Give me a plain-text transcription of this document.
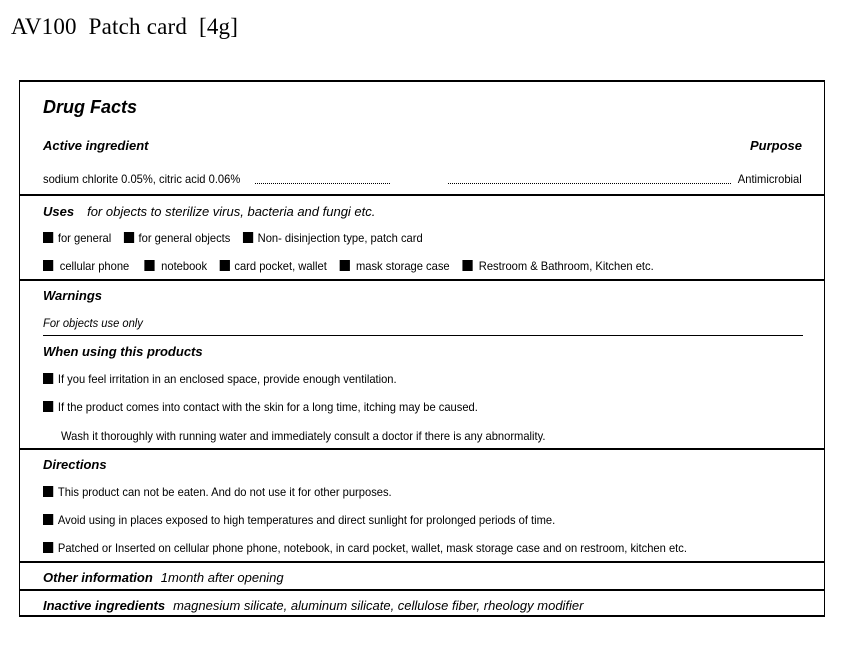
AV100  Patch card  [4g]
Drug Facts
Active ingredient	Purpose
sodium chlorite 0.05%, citric acid 0.06%	Antimicrobial
Uses for objects to sterilize virus, bacteria and fungi etc.
for general for general objects Non- disinjection type, patch card
cellular phone	notebook card pocket, wallet mask storage case Restroom & Bathroom, Kitchen etc.
Warnings
For objects use only
When using this products
If you feel irritation in an enclosed space, provide enough ventilation.
If the product comes into contact with the skin for a long time, itching may be caused.
Wash it thoroughly with running water and immediately consult a doctor if there is any abnormality.
Directions
This product can not be eaten. And do not use it for other purposes.
Avoid using in places exposed to high temperatures and direct sunlight for prolonged periods of time.
Patched or Inserted on cellular phone phone, notebook, in card pocket, wallet, mask storage case and on restroom, kitchen etc.
Other information 1month after opening
Inactive ingredients magnesium silicate, aluminum silicate, cellulose fiber, rheology modifier
